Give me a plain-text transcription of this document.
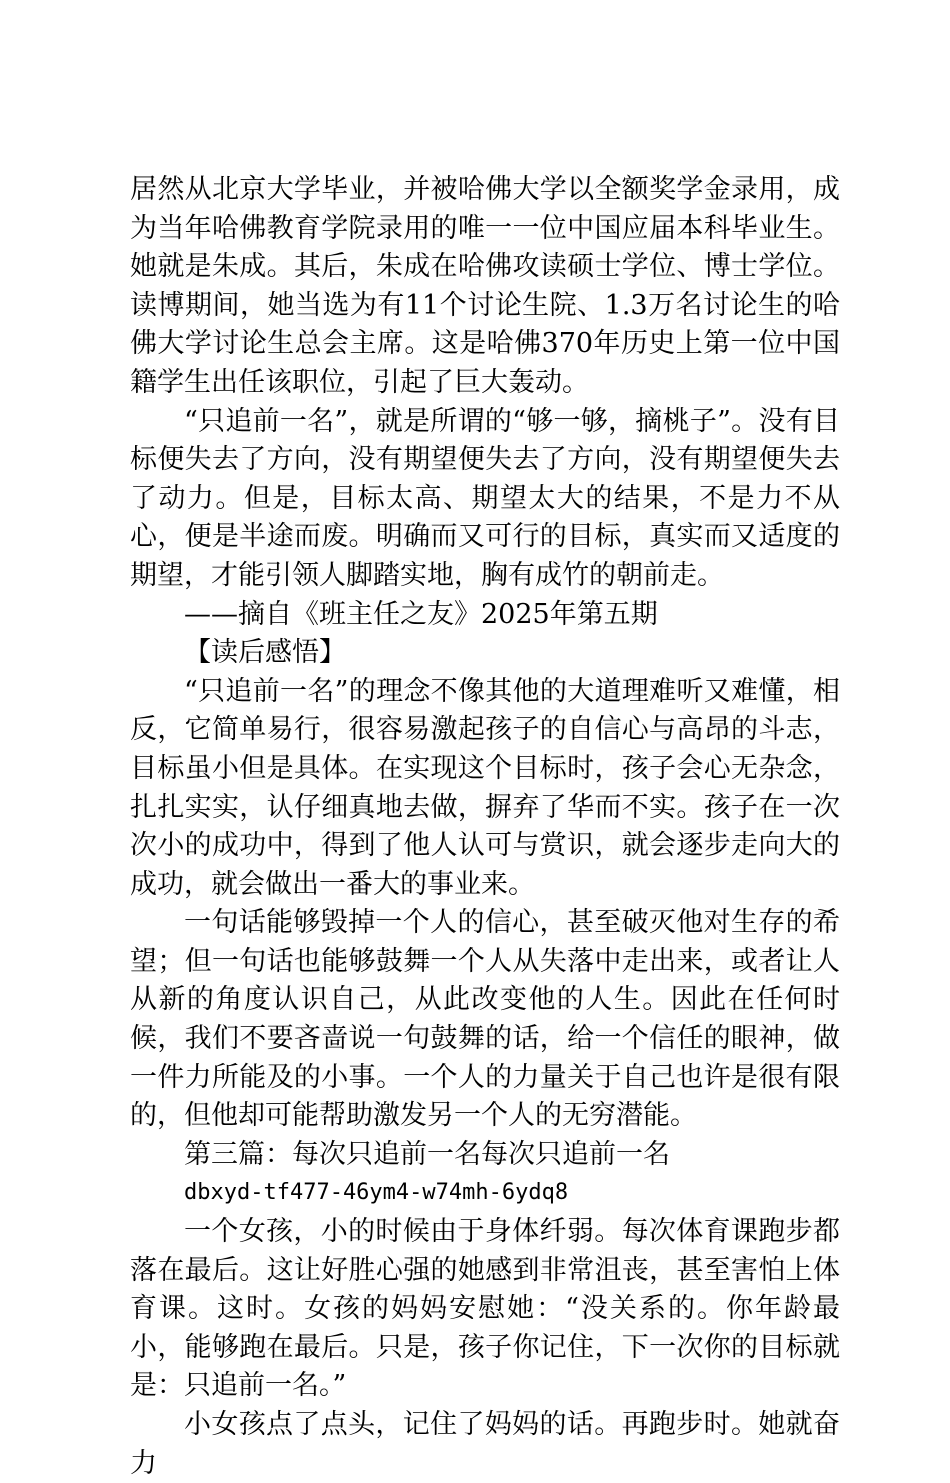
居然从北京大学毕业，并被哈佛大学以全额奖学金录用，成为当年哈佛教育学院录用的唯一一位中国应届本科毕业生。她就是朱成。其后，朱成在哈佛攻读硕士学位、博士学位。读博期间，她当选为有11个讨论生院、1.3万名讨论生的哈佛大学讨论生总会主席。这是哈佛370年历史上第一位中国籍学生出任该职位，引起了巨大轰动。

“只追前一名”，就是所谓的“够一够，摘桃子”。没有目标便失去了方向，没有期望便失去了方向，没有期望便失去了动力。但是，目标太高、期望太大的结果，不是力不从心，便是半途而废。明确而又可行的目标，真实而又适度的期望，才能引领人脚踏实地，胸有成竹的朝前走。

——摘自《班主任之友》2025年第五期

【读后感悟】

“只追前一名”的理念不像其他的大道理难听又难懂，相反，它简单易行，很容易激起孩子的自信心与高昂的斗志，目标虽小但是具体。在实现这个目标时，孩子会心无杂念，扎扎实实，认仔细真地去做，摒弃了华而不实。孩子在一次次小的成功中，得到了他人认可与赏识，就会逐步走向大的成功，就会做出一番大的事业来。

一句话能够毁掉一个人的信心，甚至破灭他对生存的希望；但一句话也能够鼓舞一个人从失落中走出来，或者让人从新的角度认识自己，从此改变他的人生。因此在任何时候，我们不要吝啬说一句鼓舞的话，给一个信任的眼神，做一件力所能及的小事。一个人的力量关于自己也许是很有限的，但他却可能帮助激发另一个人的无穷潜能。

第三篇：每次只追前一名每次只追前一名

dbxyd-tf477-46ym4-w74mh-6ydq8

一个女孩，小的时候由于身体纤弱。每次体育课跑步都落在最后。这让好胜心强的她感到非常沮丧，甚至害怕上体育课。这时。女孩的妈妈安慰她：“没关系的。你年龄最小，能够跑在最后。只是，孩子你记住，下一次你的目标就是：只追前一名。”

小女孩点了点头，记住了妈妈的话。再跑步时。她就奋力
